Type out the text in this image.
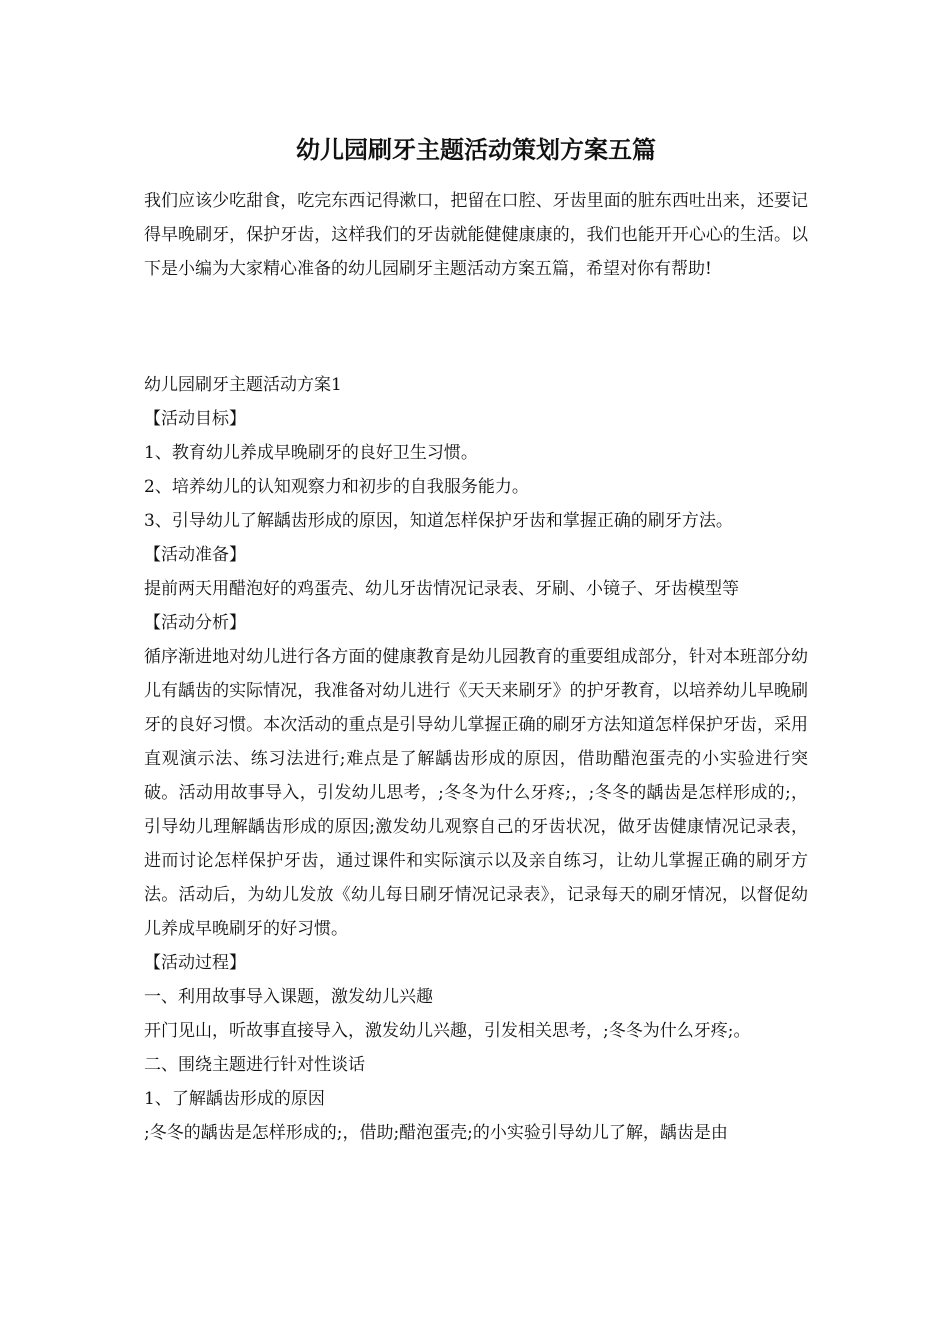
幼儿园刷牙主题活动策划方案五篇

我们应该少吃甜食，吃完东西记得漱口，把留在口腔、牙齿里面的脏东西吐出来，还要记得早晚刷牙，保护牙齿，这样我们的牙齿就能健健康康的，我们也能开开心心的生活。以下是小编为大家精心准备的幼儿园刷牙主题活动方案五篇，希望对你有帮助!

幼儿园刷牙主题活动方案1

【活动目标】

1、教育幼儿养成早晚刷牙的良好卫生习惯。

2、培养幼儿的认知观察力和初步的自我服务能力。

3、引导幼儿了解龋齿形成的原因，知道怎样保护牙齿和掌握正确的刷牙方法。

【活动准备】

提前两天用醋泡好的鸡蛋壳、幼儿牙齿情况记录表、牙刷、小镜子、牙齿模型等

【活动分析】

循序渐进地对幼儿进行各方面的健康教育是幼儿园教育的重要组成部分，针对本班部分幼儿有龋齿的实际情况，我准备对幼儿进行《天天来刷牙》的护牙教育，以培养幼儿早晚刷牙的良好习惯。本次活动的重点是引导幼儿掌握正确的刷牙方法知道怎样保护牙齿，采用直观演示法、练习法进行;难点是了解龋齿形成的原因，借助醋泡蛋壳的小实验进行突破。活动用故事导入，引发幼儿思考，;冬冬为什么牙疼;，;冬冬的龋齿是怎样形成的;，引导幼儿理解龋齿形成的原因;激发幼儿观察自己的牙齿状况，做牙齿健康情况记录表，进而讨论怎样保护牙齿，通过课件和实际演示以及亲自练习，让幼儿掌握正确的刷牙方法。活动后，为幼儿发放《幼儿每日刷牙情况记录表》，记录每天的刷牙情况，以督促幼儿养成早晚刷牙的好习惯。

【活动过程】

一、利用故事导入课题，激发幼儿兴趣

开门见山，听故事直接导入，激发幼儿兴趣，引发相关思考，;冬冬为什么牙疼;。

二、围绕主题进行针对性谈话

1、了解龋齿形成的原因

;冬冬的龋齿是怎样形成的;，借助;醋泡蛋壳;的小实验引导幼儿了解，龋齿是由
